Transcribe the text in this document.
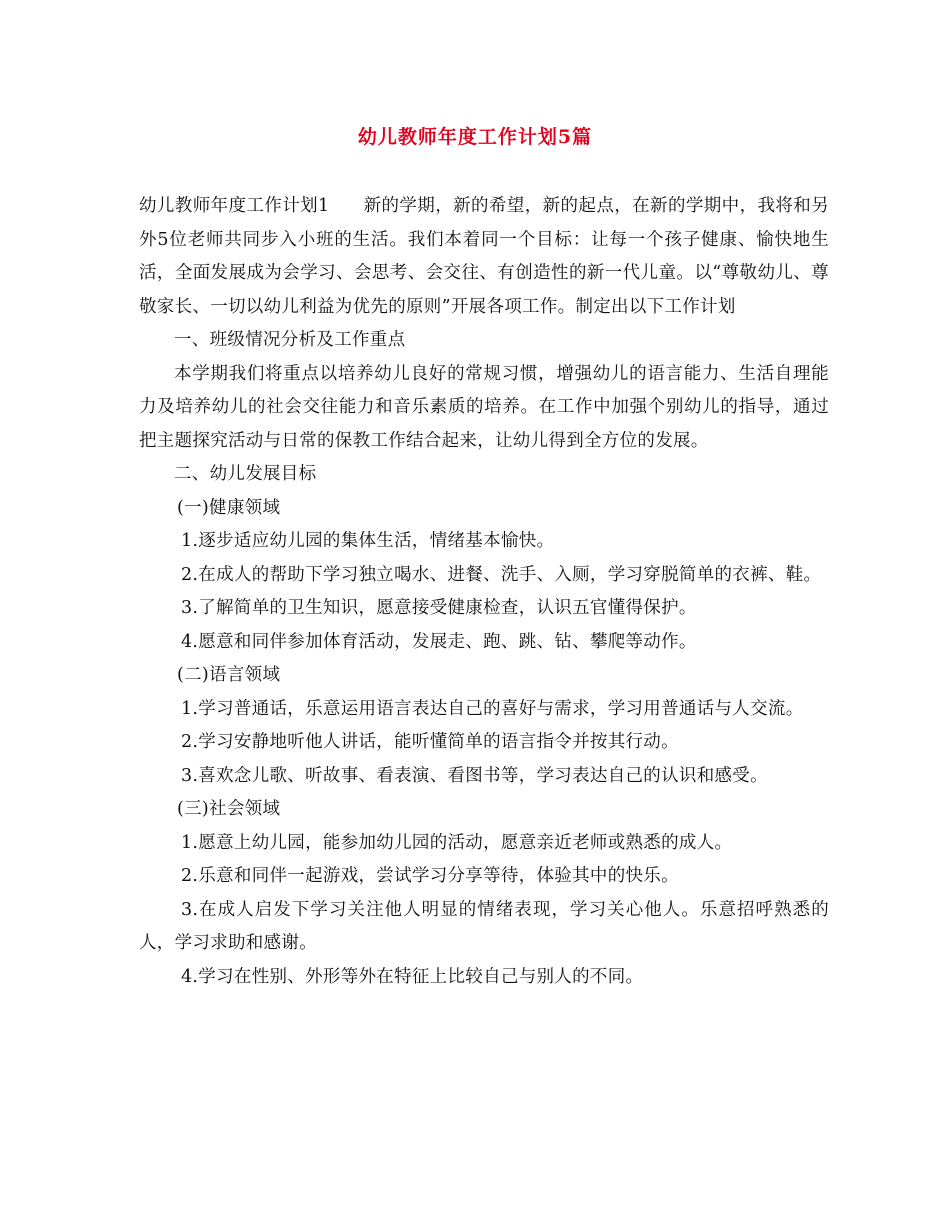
幼儿教师年度工作计划5篇

幼儿教师年度工作计划1 新的学期，新的希望，新的起点，在新的学期中，我将和另外5位老师共同步入小班的生活。我们本着同一个目标：让每一个孩子健康、愉快地生活，全面发展成为会学习、会思考、会交往、有创造性的新一代儿童。以“尊敬幼儿、尊敬家长、一切以幼儿利益为优先的原则”开展各项工作。制定出以下工作计划

一、班级情况分析及工作重点

本学期我们将重点以培养幼儿良好的常规习惯，增强幼儿的语言能力、生活自理能力及培养幼儿的社会交往能力和音乐素质的培养。在工作中加强个别幼儿的指导，通过把主题探究活动与日常的保教工作结合起来，让幼儿得到全方位的发展。

二、幼儿发展目标

(一)健康领域

1.逐步适应幼儿园的集体生活，情绪基本愉快。

2.在成人的帮助下学习独立喝水、进餐、洗手、入厕，学习穿脱简单的衣裤、鞋。

3.了解简单的卫生知识，愿意接受健康检查，认识五官懂得保护。

4.愿意和同伴参加体育活动，发展走、跑、跳、钻、攀爬等动作。

(二)语言领域

1.学习普通话，乐意运用语言表达自己的喜好与需求，学习用普通话与人交流。

2.学习安静地听他人讲话，能听懂简单的语言指令并按其行动。

3.喜欢念儿歌、听故事、看表演、看图书等，学习表达自己的认识和感受。

(三)社会领域

1.愿意上幼儿园，能参加幼儿园的活动，愿意亲近老师或熟悉的成人。

2.乐意和同伴一起游戏，尝试学习分享等待，体验其中的快乐。

3.在成人启发下学习关注他人明显的情绪表现，学习关心他人。乐意招呼熟悉的人，学习求助和感谢。

4.学习在性别、外形等外在特征上比较自己与别人的不同。
